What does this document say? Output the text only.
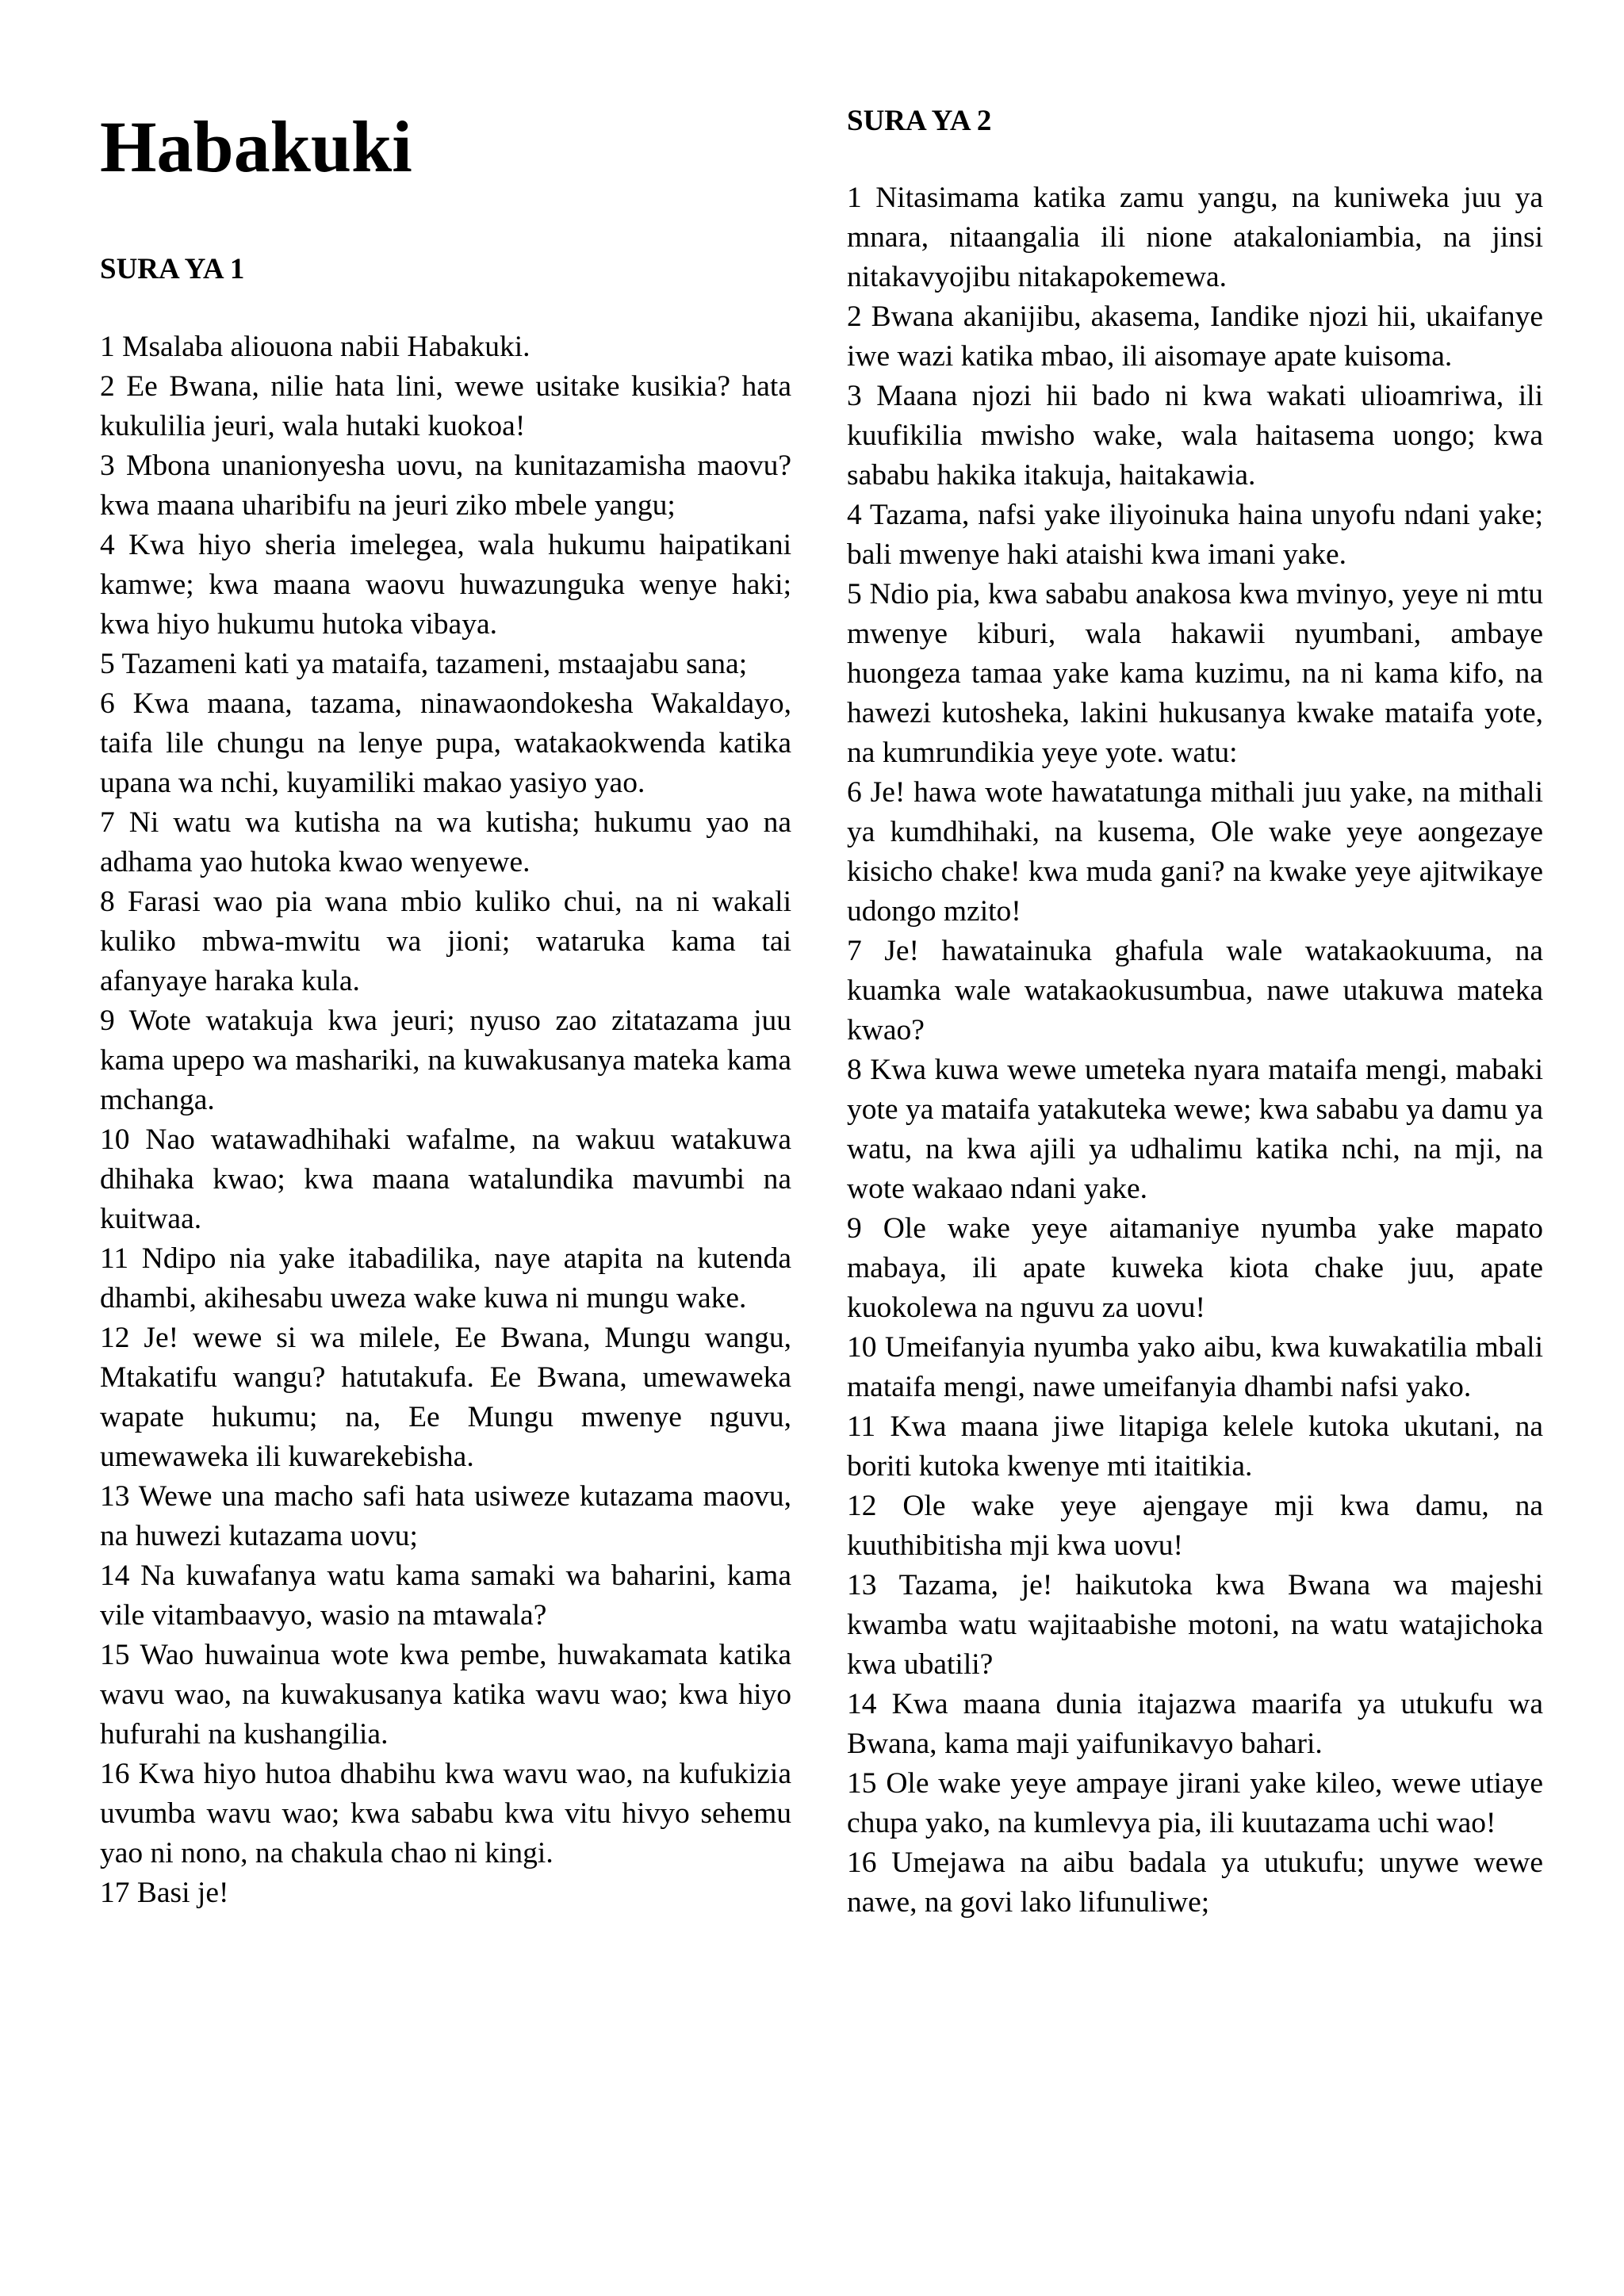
Habakuki
SURA YA 1

1 Msalaba aliouona nabii Habakuki.

2 Ee Bwana, nilie hata lini, wewe usitake kusikia? hata kukulilia jeuri, wala hutaki kuokoa!

3 Mbona unanionyesha uovu, na kunitazamisha maovu? kwa maana uharibifu na jeuri ziko mbele yangu;

4 Kwa hiyo sheria imelegea, wala hukumu haipatikani kamwe; kwa maana waovu huwazunguka wenye haki; kwa hiyo hukumu hutoka vibaya.

5 Tazameni kati ya mataifa, tazameni, mstaajabu sana;

6 Kwa maana, tazama, ninawaondokesha Wakaldayo, taifa lile chungu na lenye pupa, watakaokwenda katika upana wa nchi, kuyamiliki makao yasiyo yao.

7 Ni watu wa kutisha na wa kutisha; hukumu yao na adhama yao hutoka kwao wenyewe.

8 Farasi wao pia wana mbio kuliko chui, na ni wakali kuliko mbwa-mwitu wa jioni; wataruka kama tai afanyaye haraka kula.

9 Wote watakuja kwa jeuri; nyuso zao zitatazama juu kama upepo wa mashariki, na kuwakusanya mateka kama mchanga.

10 Nao watawadhihaki wafalme, na wakuu watakuwa dhihaka kwao; kwa maana watalundika mavumbi na kuitwaa.

11 Ndipo nia yake itabadilika, naye atapita na kutenda dhambi, akihesabu uweza wake kuwa ni mungu wake.

12 Je! wewe si wa milele, Ee Bwana, Mungu wangu, Mtakatifu wangu? hatutakufa. Ee Bwana, umewaweka wapate hukumu; na, Ee Mungu mwenye nguvu, umewaweka ili kuwarekebisha.

13 Wewe una macho safi hata usiweze kutazama maovu, na huwezi kutazama uovu;

14 Na kuwafanya watu kama samaki wa baharini, kama vile vitambaavyo, wasio na mtawala?

15 Wao huwainua wote kwa pembe, huwakamata katika wavu wao, na kuwakusanya katika wavu wao; kwa hiyo hufurahi na kushangilia.

16 Kwa hiyo hutoa dhabihu kwa wavu wao, na kufukizia uvumba wavu wao; kwa sababu kwa vitu hivyo sehemu yao ni nono, na chakula chao ni kingi.

17 Basi je!

SURA YA 2

1 Nitasimama katika zamu yangu, na kuniweka juu ya mnara, nitaangalia ili nione atakaloniambia, na jinsi nitakavyojibu nitakapokemewa.

2 Bwana akanijibu, akasema, Iandike njozi hii, ukaifanye iwe wazi katika mbao, ili aisomaye apate kuisoma.

3 Maana njozi hii bado ni kwa wakati ulioamriwa, ili kuufikilia mwisho wake, wala haitasema uongo; kwa sababu hakika itakuja, haitakawia.

4 Tazama, nafsi yake iliyoinuka haina unyofu ndani yake; bali mwenye haki ataishi kwa imani yake.

5 Ndio pia, kwa sababu anakosa kwa mvinyo, yeye ni mtu mwenye kiburi, wala hakawii nyumbani, ambaye huongeza tamaa yake kama kuzimu, na ni kama kifo, na hawezi kutosheka, lakini hukusanya kwake mataifa yote, na kumrundikia yeye yote. watu:

6 Je! hawa wote hawatatunga mithali juu yake, na mithali ya kumdhihaki, na kusema, Ole wake yeye aongezaye kisicho chake! kwa muda gani? na kwake yeye ajitwikaye udongo mzito!

7 Je! hawatainuka ghafula wale watakaokuuma, na kuamka wale watakaokusumbua, nawe utakuwa mateka kwao?

8 Kwa kuwa wewe umeteka nyara mataifa mengi, mabaki yote ya mataifa yatakuteka wewe; kwa sababu ya damu ya watu, na kwa ajili ya udhalimu katika nchi, na mji, na wote wakaao ndani yake.

9 Ole wake yeye aitamaniye nyumba yake mapato mabaya, ili apate kuweka kiota chake juu, apate kuokolewa na nguvu za uovu!

10 Umeifanyia nyumba yako aibu, kwa kuwakatilia mbali mataifa mengi, nawe umeifanyia dhambi nafsi yako.

11 Kwa maana jiwe litapiga kelele kutoka ukutani, na boriti kutoka kwenye mti itaitikia.

12 Ole wake yeye ajengaye mji kwa damu, na kuuthibitisha mji kwa uovu!

13 Tazama, je! haikutoka kwa Bwana wa majeshi kwamba watu wajitaabishe motoni, na watu watajichoka kwa ubatili?

14 Kwa maana dunia itajazwa maarifa ya utukufu wa Bwana, kama maji yaifunikavyo bahari.

15 Ole wake yeye ampaye jirani yake kileo, wewe utiaye chupa yako, na kumlevya pia, ili kuutazama uchi wao!

16 Umejawa na aibu badala ya utukufu; unywe wewe nawe, na govi lako lifunuliwe;
